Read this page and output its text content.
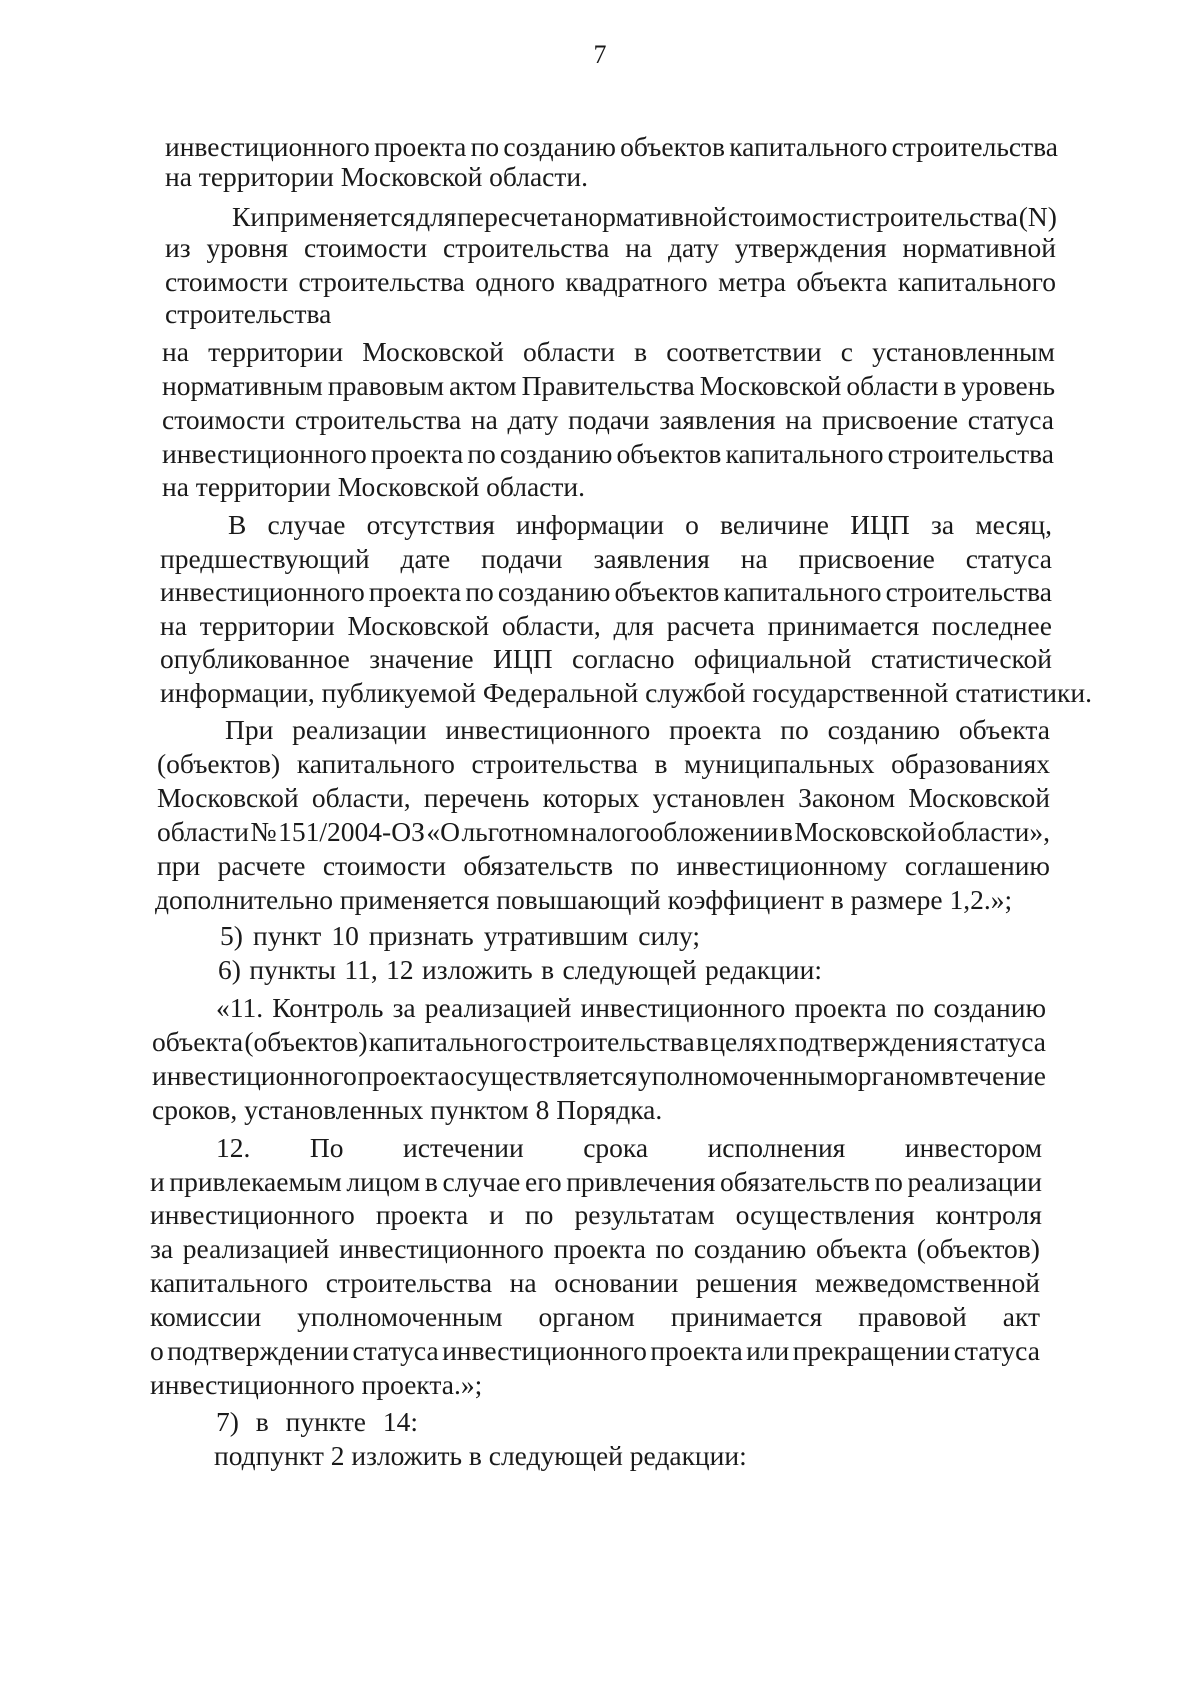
7
инвестиционного проекта по созданию объектов капитального строительства
на территории Московской области.
Ки применяется для пересчета нормативной стоимости строительства (N)
из уровня стоимости строительства на дату утверждения нормативной
стоимости строительства одного квадратного метра объекта капитального
строительства
на территории Московской области в соответствии с установленным
нормативным правовым актом Правительства Московской области в уровень
стоимости строительства на дату подачи заявления на присвоение статуса
инвестиционного проекта по созданию объектов капитального строительства
на территории Московской области.
В случае отсутствия информации о величине ИЦП за месяц,
предшествующий дате подачи заявления на присвоение статуса
инвестиционного проекта по созданию объектов капитального строительства
на территории Московской области, для расчета принимается последнее
опубликованное значение ИЦП согласно официальной статистической
информации, публикуемой Федеральной службой государственной статистики.
При реализации инвестиционного проекта по созданию объекта
(объектов) капитального строительства в муниципальных образованиях
Московской области, перечень которых установлен Законом Московской
области № 151/2004-ОЗ «О льготном налогообложении в Московской области»,
при расчете стоимости обязательств по инвестиционному соглашению
дополнительно применяется повышающий коэффициент в размере 1,2.»;
5) пункт 10 признать утратившим силу;
6) пункты 11, 12 изложить в следующей редакции:
«11. Контроль за реализацией инвестиционного проекта по созданию
объекта (объектов) капитального строительства в целях подтверждения статуса
инвестиционного проекта осуществляется уполномоченным органом в течение
сроков, установленных пунктом 8 Порядка.
12. По истечении срока исполнения инвестором
и привлекаемым лицом в случае его привлечения обязательств по реализации
инвестиционного проекта и по результатам осуществления контроля
за реализацией инвестиционного проекта по созданию объекта (объектов)
капитального строительства на основании решения межведомственной
комиссии уполномоченным органом принимается правовой акт
о подтверждении статуса инвестиционного проекта или прекращении статуса
инвестиционного проекта.»;
7) в пункте 14:
подпункт 2 изложить в следующей редакции:
